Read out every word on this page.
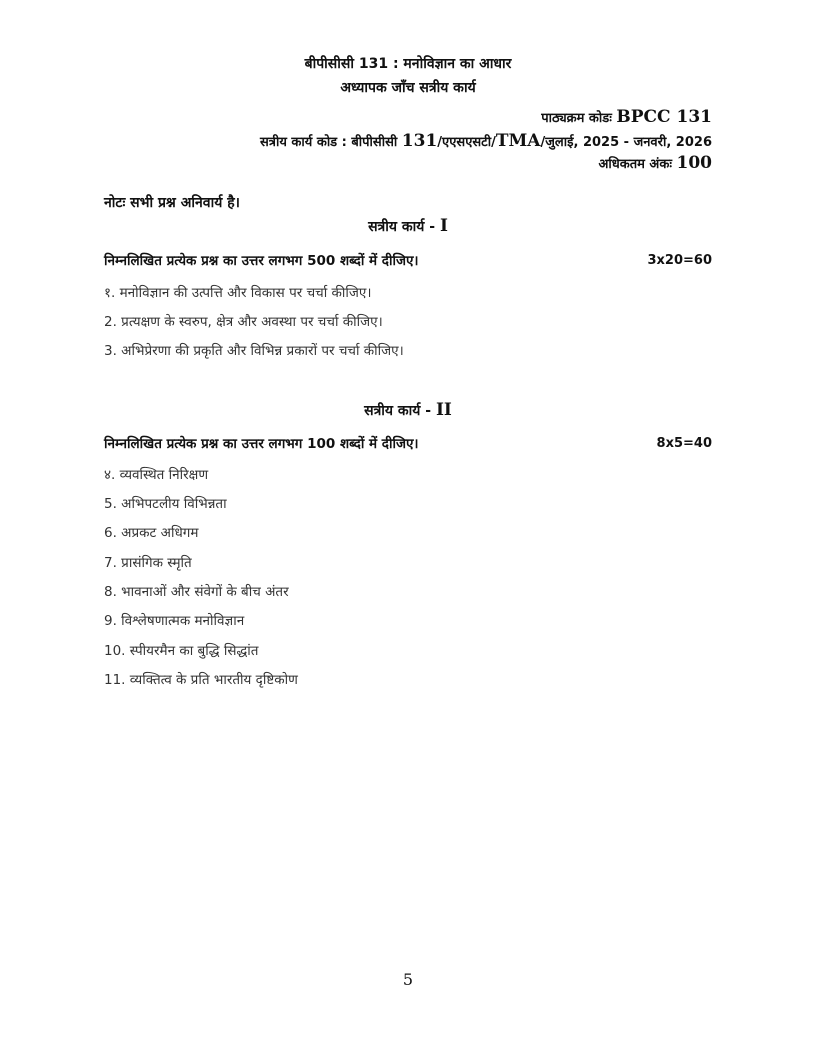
बीपीसीसी 131 : मनोविज्ञान का आधार
अध्यापक जाँच सत्रीय कार्य
पाठ्यक्रम कोडः BPCC 131
सत्रीय कार्य कोड : बीपीसीसी 131/एएसएसटी/TMA/जुलाई, 2025 - जनवरी, 2026
अधिकतम अंकः 100
नोटः सभी प्रश्न अनिवार्य है।
सत्रीय कार्य - I
निम्नलिखित प्रत्येक प्रश्न का उत्तर लगभग 500 शब्दों में दीजिए।	3x20=60
१. मनोविज्ञान की उत्पत्ति और विकास पर चर्चा कीजिए।
2. प्रत्यक्षण के स्वरुप, क्षेत्र और अवस्था पर चर्चा कीजिए।
3. अभिप्रेरणा की प्रकृति और विभिन्न प्रकारों पर चर्चा कीजिए।
सत्रीय कार्य - II
निम्नलिखित प्रत्येक प्रश्न का उत्तर लगभग 100 शब्दों में दीजिए।	8x5=40
४. व्यवस्थित निरिक्षण
5. अभिपटलीय विभिन्नता
6. अप्रकट अधिगम
7. प्रासंगिक स्मृति
8. भावनाओं और संवेगों के बीच अंतर
9. विश्लेषणात्मक मनोविज्ञान
10. स्पीयरमैन का बुद्धि सिद्धांत
11. व्यक्तित्व के प्रति भारतीय दृष्टिकोण
5
